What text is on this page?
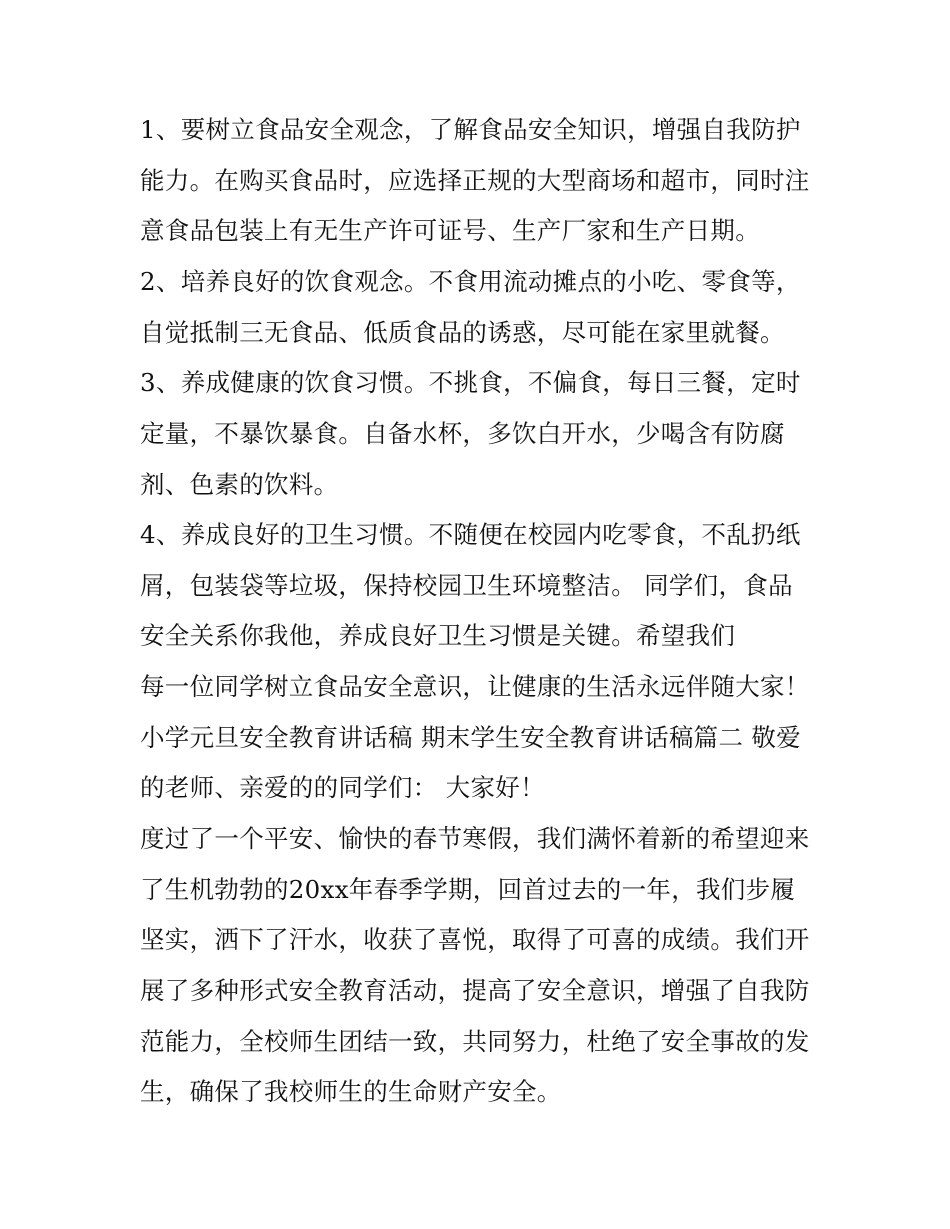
1、要树立食品安全观念，了解食品安全知识，增强自我防护
能力。在购买食品时，应选择正规的大型商场和超市，同时注
意食品包装上有无生产许可证号、生产厂家和生产日期。
2、培养良好的饮食观念。不食用流动摊点的小吃、零食等，
自觉抵制三无食品、低质食品的诱惑，尽可能在家里就餐。
3、养成健康的饮食习惯。不挑食，不偏食，每日三餐，定时
定量，不暴饮暴食。自备水杯，多饮白开水，少喝含有防腐
剂、色素的饮料。
4、养成良好的卫生习惯。不随便在校园内吃零食，不乱扔纸
屑，包装袋等垃圾，保持校园卫生环境整洁。 同学们，食品
安全关系你我他，养成良好卫生习惯是关键。希望我们
每一位同学树立食品安全意识，让健康的生活永远伴随大家！
小学元旦安全教育讲话稿 期末学生安全教育讲话稿篇二 敬爱
的老师、亲爱的的同学们： 大家好！
度过了一个平安、愉快的春节寒假，我们满怀着新的希望迎来
了生机勃勃的20xx年春季学期，回首过去的一年，我们步履
坚实，洒下了汗水，收获了喜悦，取得了可喜的成绩。我们开
展了多种形式安全教育活动，提高了安全意识，增强了自我防
范能力，全校师生团结一致，共同努力，杜绝了安全事故的发
生，确保了我校师生的生命财产安全。
